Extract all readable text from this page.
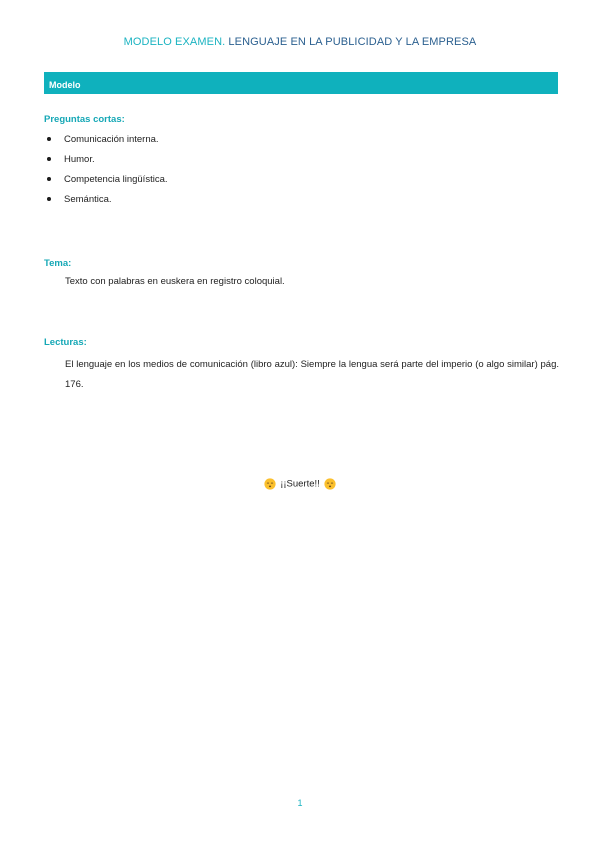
MODELO EXAMEN. LENGUAJE EN LA PUBLICIDAD Y LA EMPRESA
Modelo
Preguntas cortas:
Comunicación interna.
Humor.
Competencia lingüística.
Semántica.
Tema:
Texto con palabras en euskera en registro coloquial.
Lecturas:
El lenguaje en los medios de comunicación (libro azul): Siempre la lengua será parte del imperio (o algo similar) pág. 176.
¡¡Suerte!!
1
